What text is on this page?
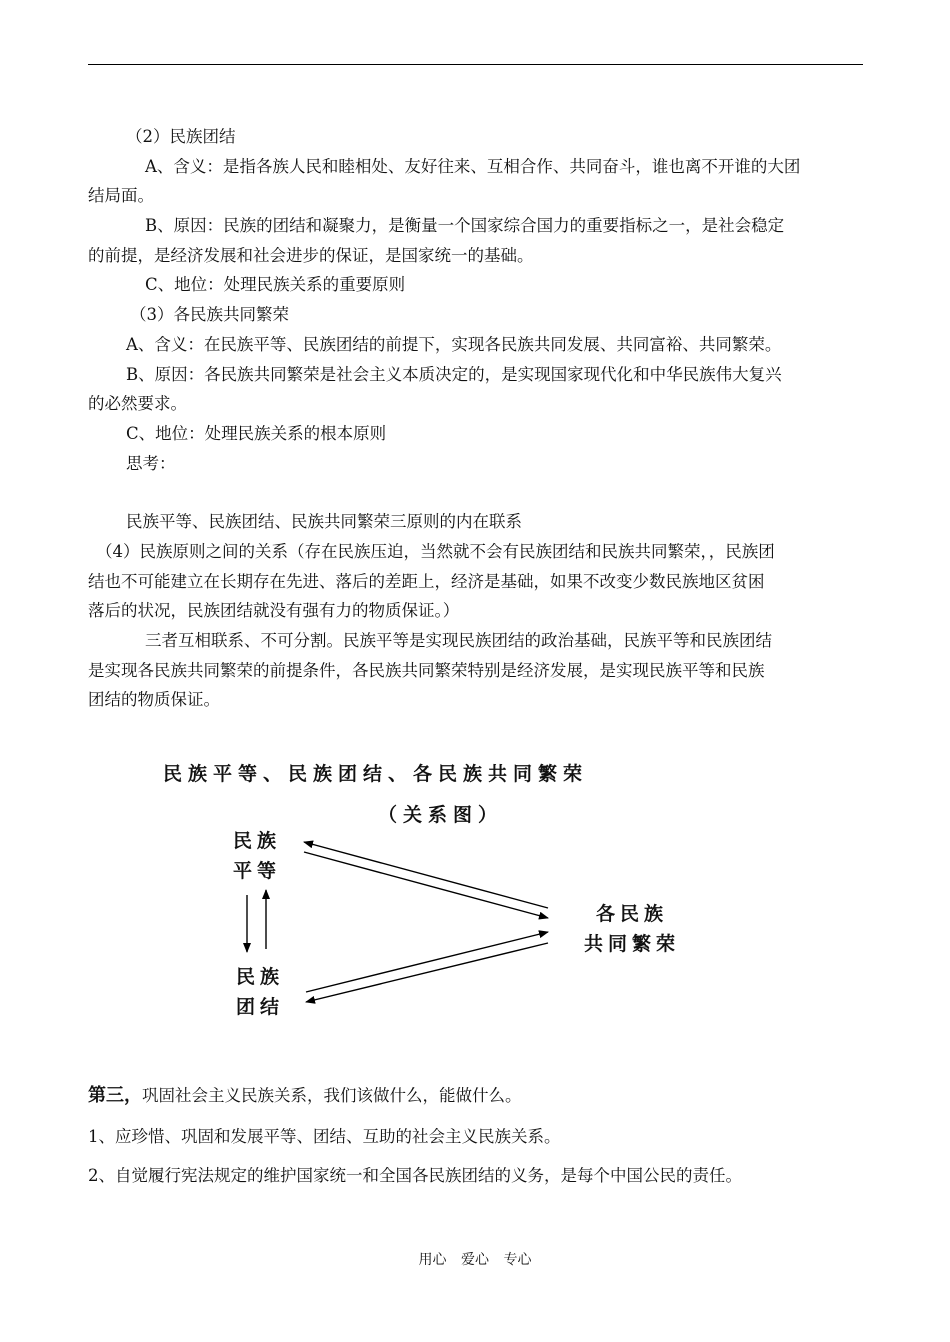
（2）民族团结
A、含义：是指各族人民和睦相处、友好往来、互相合作、共同奋斗，谁也离不开谁的大团
结局面。
B、原因：民族的团结和凝聚力，是衡量一个国家综合国力的重要指标之一，是社会稳定
的前提，是经济发展和社会进步的保证，是国家统一的基础。
C、地位：处理民族关系的重要原则
（3）各民族共同繁荣
A、含义：在民族平等、民族团结的前提下，实现各民族共同发展、共同富裕、共同繁荣。
B、原因：各民族共同繁荣是社会主义本质决定的，是实现国家现代化和中华民族伟大复兴
的必然要求。
C、地位：处理民族关系的根本原则
思考：
民族平等、民族团结、民族共同繁荣三原则的内在联系
（4）民族原则之间的关系（存在民族压迫，当然就不会有民族团结和民族共同繁荣，，民族团
结也不可能建立在长期存在先进、落后的差距上，经济是基础，如果不改变少数民族地区贫困
落后的状况，民族团结就没有强有力的物质保证。）
三者互相联系、不可分割。民族平等是实现民族团结的政治基础，民族平等和民族团结
是实现各民族共同繁荣的前提条件，各民族共同繁荣特别是经济发展，是实现民族平等和民族
团结的物质保证。
民族平等、民族团结、各民族共同繁荣
（关系图）
民族
平等
民族
团结
各民族
共同繁荣
第三，巩固社会主义民族关系，我们该做什么，能做什么。
1、应珍惜、巩固和发展平等、团结、互助的社会主义民族关系。
2、自觉履行宪法规定的维护国家统一和全国各民族团结的义务，是每个中国公民的责任。
用心 爱心 专心
